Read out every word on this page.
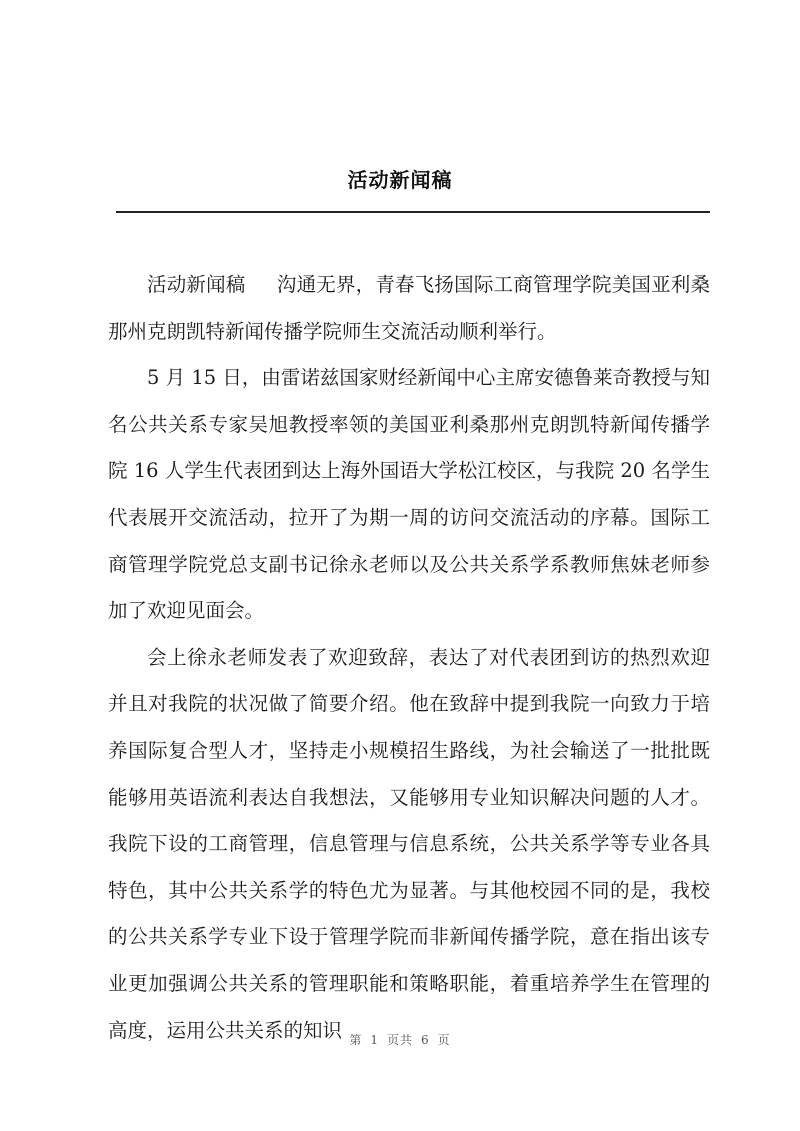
活动新闻稿

活动新闻稿 沟通无界，青春飞扬国际工商管理学院美国亚利桑那州克朗凯特新闻传播学院师生交流活动顺利举行。

5 月 15 日，由雷诺兹国家财经新闻中心主席安德鲁莱奇教授与知名公共关系专家吴旭教授率领的美国亚利桑那州克朗凯特新闻传播学院 16 人学生代表团到达上海外国语大学松江校区，与我院 20 名学生代表展开交流活动，拉开了为期一周的访问交流活动的序幕。国际工商管理学院党总支副书记徐永老师以及公共关系学系教师焦妹老师参加了欢迎见面会。

会上徐永老师发表了欢迎致辞，表达了对代表团到访的热烈欢迎并且对我院的状况做了简要介绍。他在致辞中提到我院一向致力于培养国际复合型人才，坚持走小规模招生路线，为社会输送了一批批既能够用英语流利表达自我想法，又能够用专业知识解决问题的人才。我院下设的工商管理，信息管理与信息系统，公共关系学等专业各具特色，其中公共关系学的特色尤为显著。与其他校园不同的是，我校的公共关系学专业下设于管理学院而非新闻传播学院，意在指出该专业更加强调公共关系的管理职能和策略职能，着重培养学生在管理的高度，运用公共关系的知识 第 1 页共 6 页
